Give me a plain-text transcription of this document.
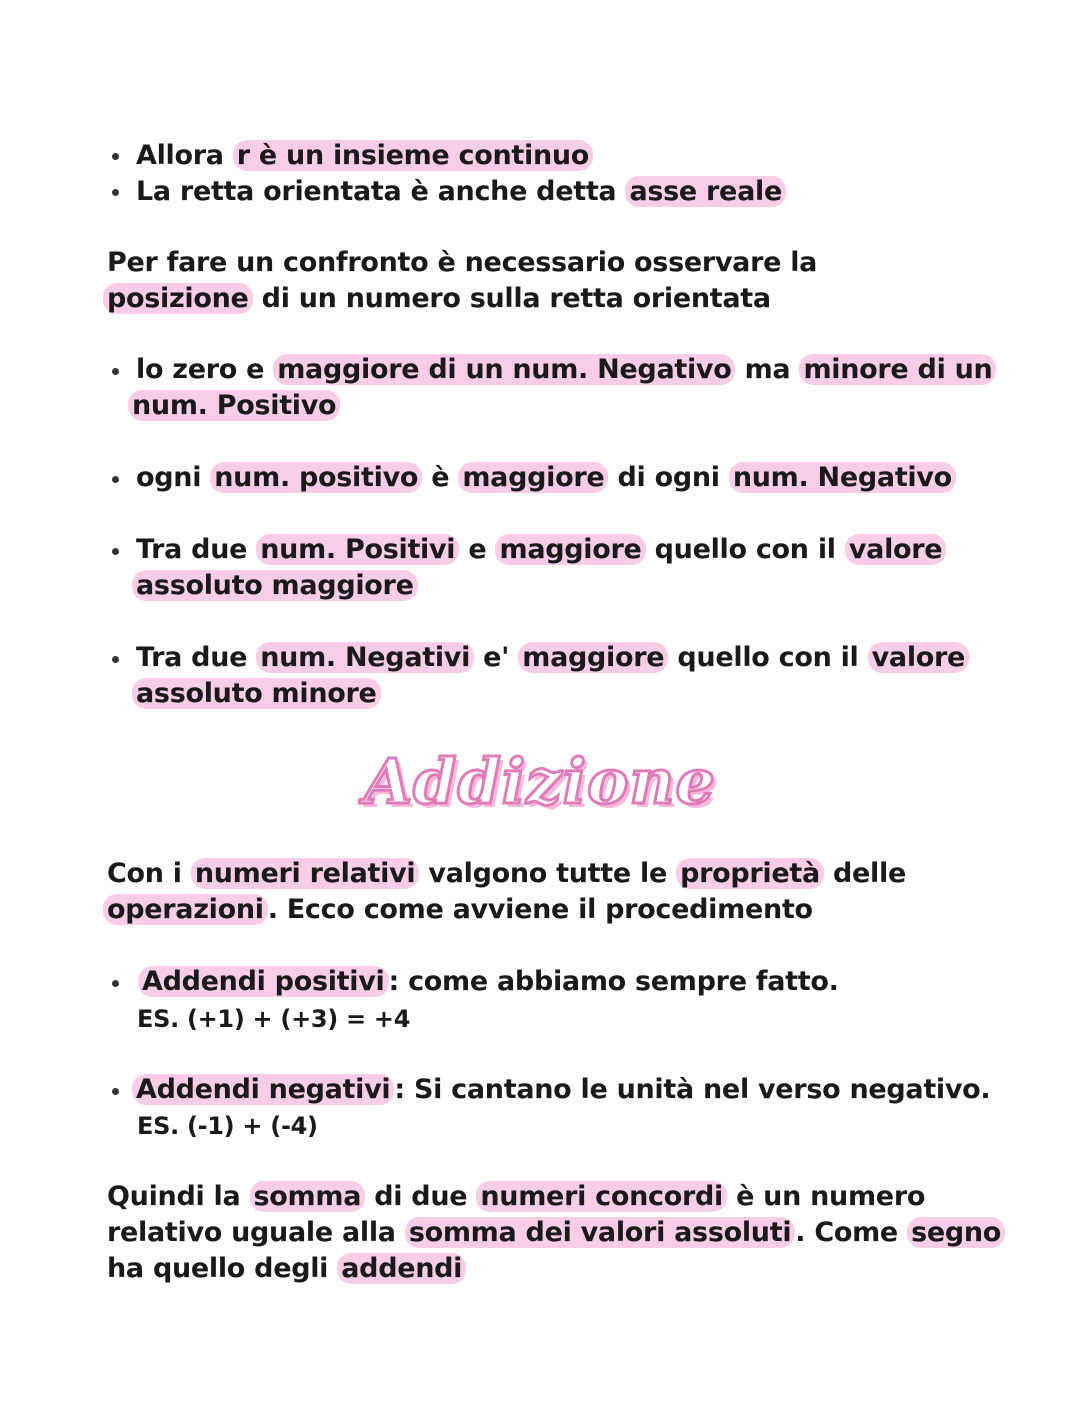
Allora r è un insieme continuo
La retta orientata è anche detta asse reale
Per fare un confronto è necessario osservare la
posizione di un numero sulla retta orientata
lo zero e maggiore di un num. Negativo ma minore di un
num. Positivo
ogni num. positivo è maggiore di ogni num. Negativo
Tra due num. Positivi e maggiore quello con il valore
assoluto maggiore
Tra due num. Negativi e' maggiore quello con il valore
assoluto minore
Addizione
Con i numeri relativi valgono tutte le proprietà delle
operazioni . Ecco come avviene il procedimento
Addendi positivi : come abbiamo sempre fatto.
ES. (+1) + (+3) = +4
Addendi negativi : Si cantano le unità nel verso negativo.
ES. (-1) + (-4)
Quindi la somma di due numeri concordi è un numero
relativo uguale alla somma dei valori assoluti . Come segno
ha quello degli addendi
